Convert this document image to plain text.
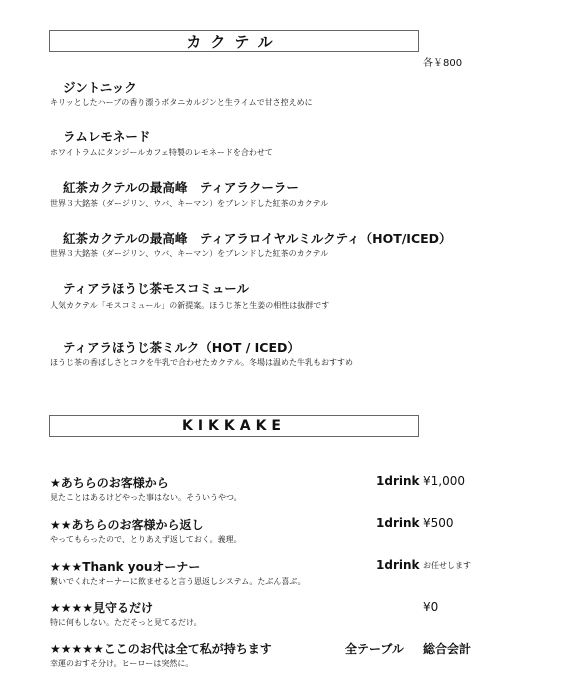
カクテル
各￥800
ジントニック
キリッとしたハーブの香り漂うボタニカルジンと生ライムで甘さ控えめに
ラムレモネード
ホワイトラムにタンジールカフェ特製のレモネードを合わせて
紅茶カクテルの最高峰　ティアラクーラー
世界３大銘茶（ダージリン、ウバ、キーマン）をブレンドした紅茶のカクテル
紅茶カクテルの最高峰　ティアラロイヤルミルクティ（HOT/ICED）
世界３大銘茶（ダージリン、ウバ、キーマン）をブレンドした紅茶のカクテル
ティアラほうじ茶モスコミュール
人気カクテル「モスコミュール」の新提案。ほうじ茶と生姜の相性は抜群です
ティアラほうじ茶ミルク（HOT / ICED）
ほうじ茶の香ばしさとコクを牛乳で合わせたカクテル。冬場は温めた牛乳もおすすめ
KIKKAKE
★あちらのお客様から	1drink ¥1,000
見たことはあるけどやった事はない。そういうやつ。
★★あちらのお客様から返し	1drink ¥500
やってもらったので、とりあえず返しておく。義理。
★★★Thank youオーナー	1drink お任せします
繋いでくれたオーナーに飲ませると言う恩返しシステム。たぶん喜ぶ。
★★★★見守るだけ	¥0
特に何もしない。ただそっと見てるだけ。
★★★★★ここのお代は全て私が持ちます	全テーブル 総合会計
幸運のおすそ分け。ヒーローは突然に。
